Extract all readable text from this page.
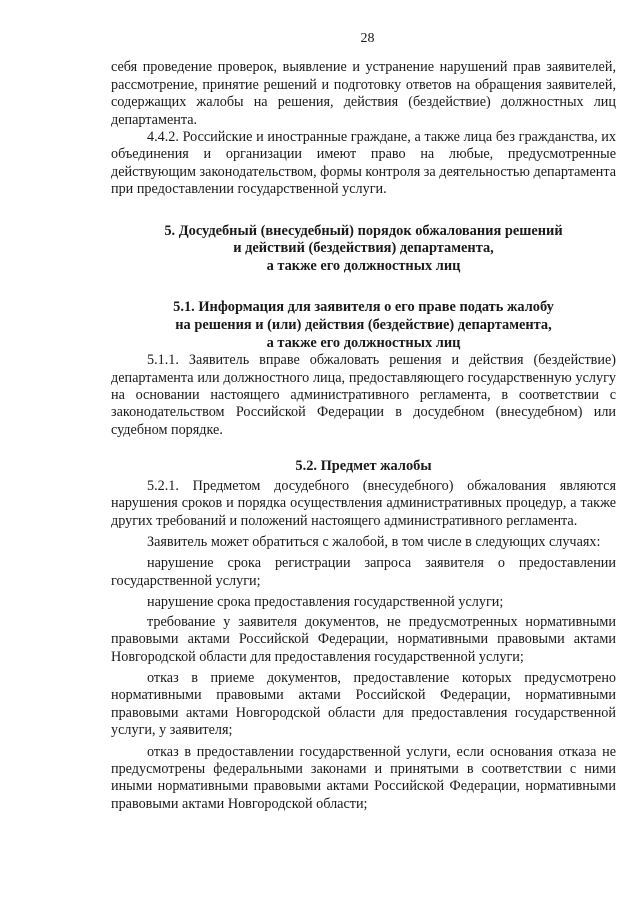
28

себя проведение проверок, выявление и устранение нарушений прав заявителей, рассмотрение, принятие решений и подготовку ответов на обращения заявителей, содержащих жалобы на решения, действия (бездействие) должностных лиц департамента.

4.4.2. Российские и иностранные граждане, а также лица без гражданства, их объединения и организации имеют право на любые, предусмотренные действующим законодательством, формы контроля за деятельностью департамента при предоставлении государственной услуги.

5. Досудебный (внесудебный) порядок обжалования решений

и действий (бездействия) департамента,

а также его должностных лиц

5.1. Информация для заявителя о его праве подать жалобу

на решения и (или) действия (бездействие) департамента,

а также его должностных лиц

5.1.1. Заявитель вправе обжаловать решения и действия (бездействие) департамента или должностного лица, предоставляющего государственную услугу на основании настоящего административного регламента, в соответствии с законодательством Российской Федерации в досудебном (внесудебном) или судебном порядке.

5.2. Предмет жалобы

5.2.1. Предметом досудебного (внесудебного) обжалования являются нарушения сроков и порядка осуществления административных процедур, а также других требований и положений настоящего административного регламента.

Заявитель может обратиться с жалобой, в том числе в следующих случаях:

нарушение срока регистрации запроса заявителя о предоставлении государственной услуги;

нарушение срока предоставления государственной услуги;

требование у заявителя документов, не предусмотренных нормативными правовыми актами Российской Федерации, нормативными правовыми актами Новгородской области для предоставления государственной услуги;

отказ в приеме документов, предоставление которых предусмотрено нормативными правовыми актами Российской Федерации, нормативными правовыми актами Новгородской области для предоставления государственной услуги, у заявителя;

отказ в предоставлении государственной услуги, если основания отказа не предусмотрены федеральными законами и принятыми в соответствии с ними иными нормативными правовыми актами Российской Федерации, нормативными правовыми актами Новгородской области;
